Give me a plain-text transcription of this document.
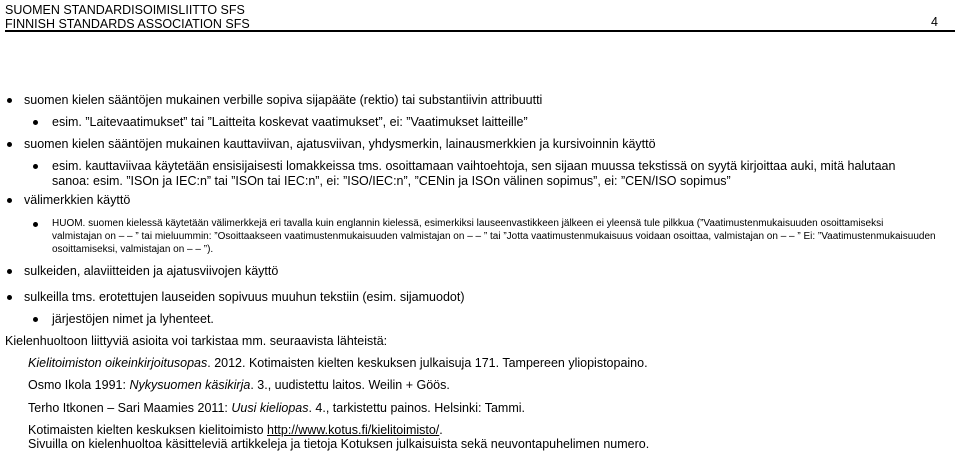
SUOMEN STANDARDISOIMISLIITTO SFS
FINNISH STANDARDS ASSOCIATION SFS	4
suomen kielen sääntöjen mukainen verbille sopiva sijapääte (rektio) tai substantiivin attribuutti
esim. ”Laitevaatimukset” tai ”Laitteita koskevat vaatimukset”, ei: ”Vaatimukset laitteille”
suomen kielen sääntöjen mukainen kauttaviivan, ajatusviivan, yhdysmerkin, lainausmerkkien ja kursivoinnin käyttö
esim. kauttaviivaa käytetään ensisijaisesti lomakkeissa tms. osoittamaan vaihtoehtoja, sen sijaan muussa tekstissä on syytä kirjoittaa auki, mitä halutaan
sanoa: esim. ”ISOn ja IEC:n” tai ”ISOn tai IEC:n”, ei: ”ISO/IEC:n”, ”CENin ja ISOn välinen sopimus”, ei: ”CEN/ISO sopimus”
välimerkkien käyttö
HUOM. suomen kielessä käytetään välimerkkejä eri tavalla kuin englannin kielessä, esimerkiksi lauseenvastikkeen jälkeen ei yleensä tule pilkkua (”Vaatimustenmukaisuuden osoittamiseksi
valmistajan on – – ” tai mieluummin: ”Osoittaakseen vaatimustenmukaisuuden valmistajan on – – ” tai ”Jotta vaatimustenmukaisuus voidaan osoittaa, valmistajan on – – ” Ei: ”Vaatimustenmukaisuuden
osoittamiseksi, valmistajan on – – ”).
sulkeiden, alaviitteiden ja ajatusviivojen käyttö
sulkeilla tms. erotettujen lauseiden sopivuus muuhun tekstiin (esim. sijamuodot)
järjestöjen nimet ja lyhenteet.
Kielenhuoltoon liittyviä asioita voi tarkistaa mm. seuraavista lähteistä:
Kielitoimiston oikeinkirjoitusopas. 2012. Kotimaisten kielten keskuksen julkaisuja 171. Tampereen yliopistopaino.
Osmo Ikola 1991: Nykysuomen käsikirja. 3., uudistettu laitos. Weilin + Göös.
Terho Itkonen – Sari Maamies 2011: Uusi kieliopas. 4., tarkistettu painos. Helsinki: Tammi.
Kotimaisten kielten keskuksen kielitoimisto http://www.kotus.fi/kielitoimisto/.
Sivuilla on kielenhuoltoa käsitteleviä artikkeleja ja tietoja Kotuksen julkaisuista sekä neuvontapuhelimen numero.
